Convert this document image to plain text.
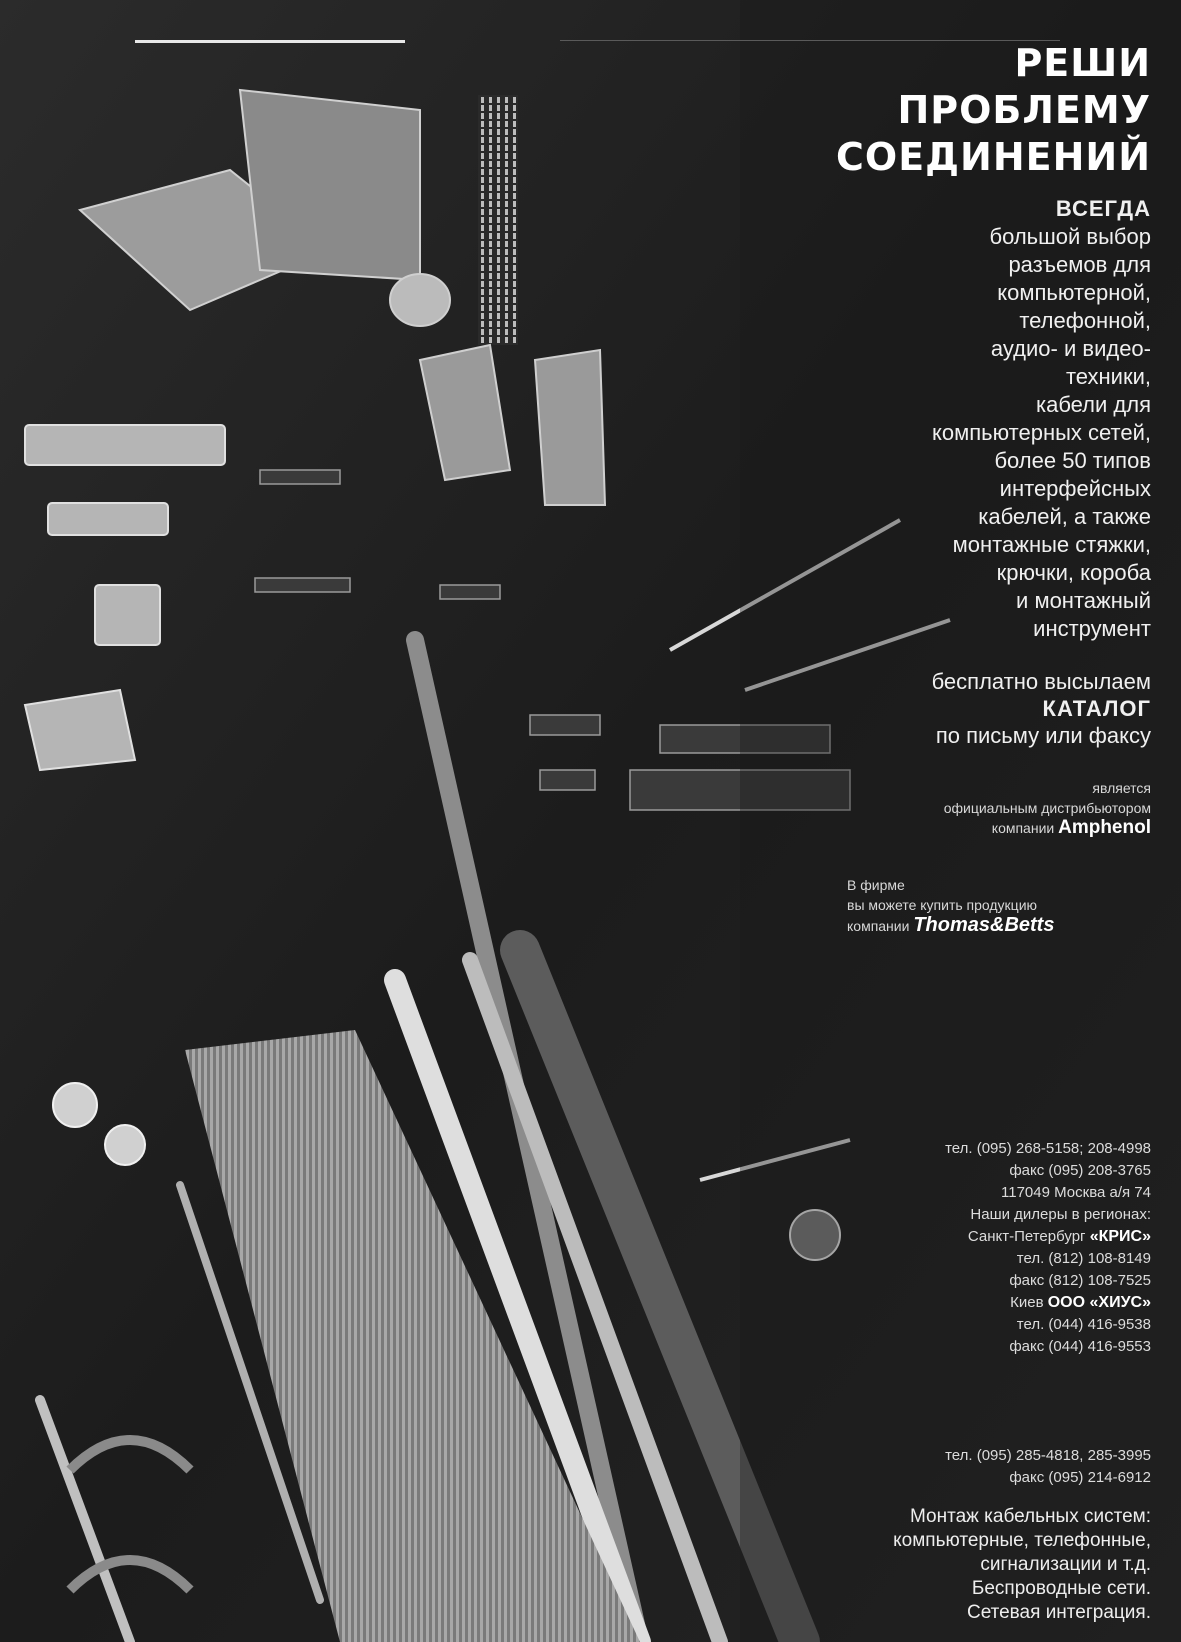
РЕШИ
ПРОБЛЕМУ
СОЕДИНЕНИЙ
ВСЕГДА
большой выбор
разъемов для
компьютерной,
телефонной,
аудио- и видео-
техники,
кабели для
компьютерных сетей,
более 50 типов
интерфейсных
кабелей, а также
монтажные стяжки,
крючки, короба
и монтажный
инструмент
бесплатно высылаем
КАТАЛОГ
по письму или факсу
является
официальным дистрибьютором
компании Amphenol
В фирме
вы можете купить продукцию
компании Thomas&Betts
тел. (095) 268-5158; 208-4998
факс (095) 208-3765
117049 Москва а/я 74
Наши дилеры в регионах:
Санкт-Петербург «КРИС»
тел. (812) 108-8149
факс (812) 108-7525
Киев ООО «ХИУС»
тел. (044) 416-9538
факс (044) 416-9553
тел. (095) 285-4818, 285-3995
факс (095) 214-6912
Монтаж кабельных систем:
компьютерные, телефонные,
сигнализации и т.д.
Беспроводные сети.
Сетевая интеграция.
